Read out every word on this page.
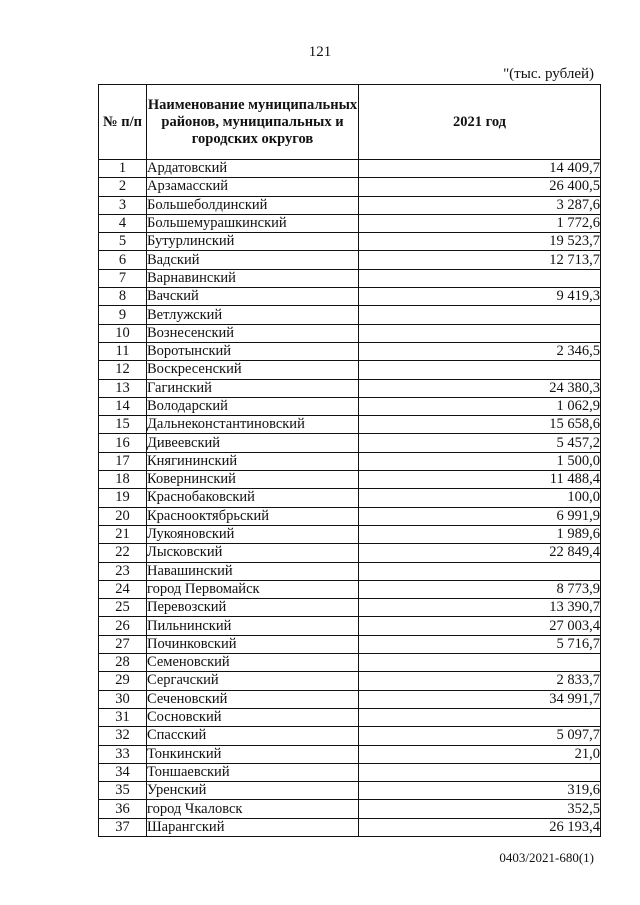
121
"(тыс. рублей)
№ п/п	Наименование муниципальных районов, муниципальных и городских округов	2021 год
1	Ардатовский	14 409,7
2	Арзамасский	26 400,5
3	Большеболдинский	3 287,6
4	Большемурашкинский	1 772,6
5	Бутурлинский	19 523,7
6	Вадский	12 713,7
7	Варнавинский	
8	Вачский	9 419,3
9	Ветлужский	
10	Вознесенский	
11	Воротынский	2 346,5
12	Воскресенский	
13	Гагинский	24 380,3
14	Володарский	1 062,9
15	Дальнеконстантиновский	15 658,6
16	Дивеевский	5 457,2
17	Княгининский	1 500,0
18	Ковернинский	11 488,4
19	Краснобаковский	100,0
20	Краснооктябрьский	6 991,9
21	Лукояновский	1 989,6
22	Лысковский	22 849,4
23	Навашинский	
24	город Первомайск	8 773,9
25	Перевозский	13 390,7
26	Пильнинский	27 003,4
27	Починковский	5 716,7
28	Семеновский	
29	Сергачский	2 833,7
30	Сеченовский	34 991,7
31	Сосновский	
32	Спасский	5 097,7
33	Тонкинский	21,0
34	Тоншаевский	
35	Уренский	319,6
36	город Чкаловск	352,5
37	Шарангский	26 193,4
0403/2021-680(1)
